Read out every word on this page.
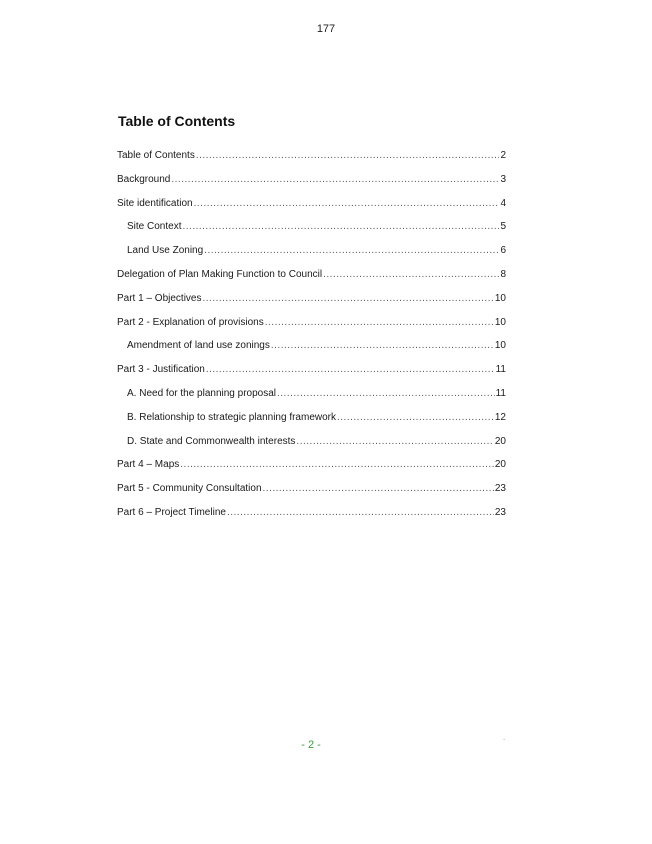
177
Table of Contents
Table of Contents .....	2
Background .....	3
Site identification .....	4
Site Context .....	5
Land Use Zoning .....	6
Delegation of Plan Making Function to Council .....	8
Part 1 – Objectives .....	10
Part 2 - Explanation of provisions .....	10
Amendment of land use zonings .....	10
Part 3 - Justification .....	11
A. Need for the planning proposal .....	11
B. Relationship to strategic planning framework .....	12
D. State and Commonwealth interests .....	20
Part 4 – Maps .....	20
Part 5 - Community Consultation .....	23
Part 6 – Project Timeline .....	23
- 2 -
.
